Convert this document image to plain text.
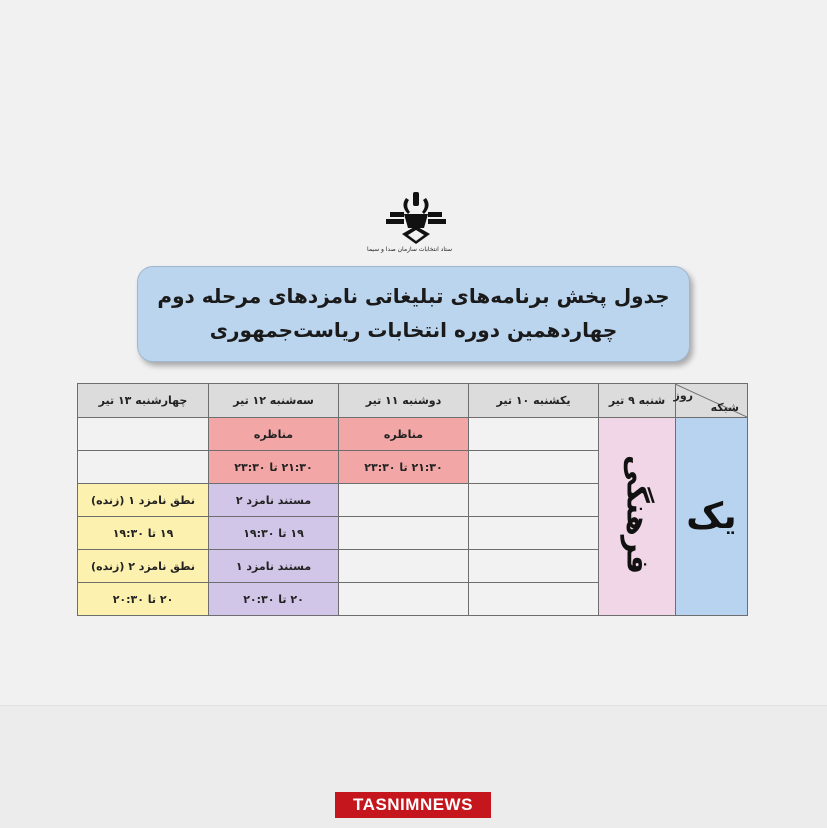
ستاد انتخابات سازمان صدا و سیما
جدول پخش برنامه‌های تبلیغاتی نامزدهای مرحله دوم
چهاردهمین دوره انتخابات ریاست‌جمهوری
روز
شبکه	شنبه ۹ تیر	یکشنبه ۱۰ تیر	دوشنبه ۱۱ تیر	سه‌شنبه ۱۲ تیر	چهارشنبه ۱۳ تیر
یک	فرهنگی		مناظره	مناظره	
			۲۱:۳۰ تا ۲۳:۳۰	۲۱:۳۰ تا ۲۳:۳۰	
				مستند نامزد ۲	نطق نامزد ۱ (زنده)
				۱۹ تا ۱۹:۳۰	۱۹ تا ۱۹:۳۰
				مستند نامزد ۱	نطق نامزد ۲ (زنده)
				۲۰ تا ۲۰:۳۰	۲۰ تا ۲۰:۳۰
TASNIMNEWS
